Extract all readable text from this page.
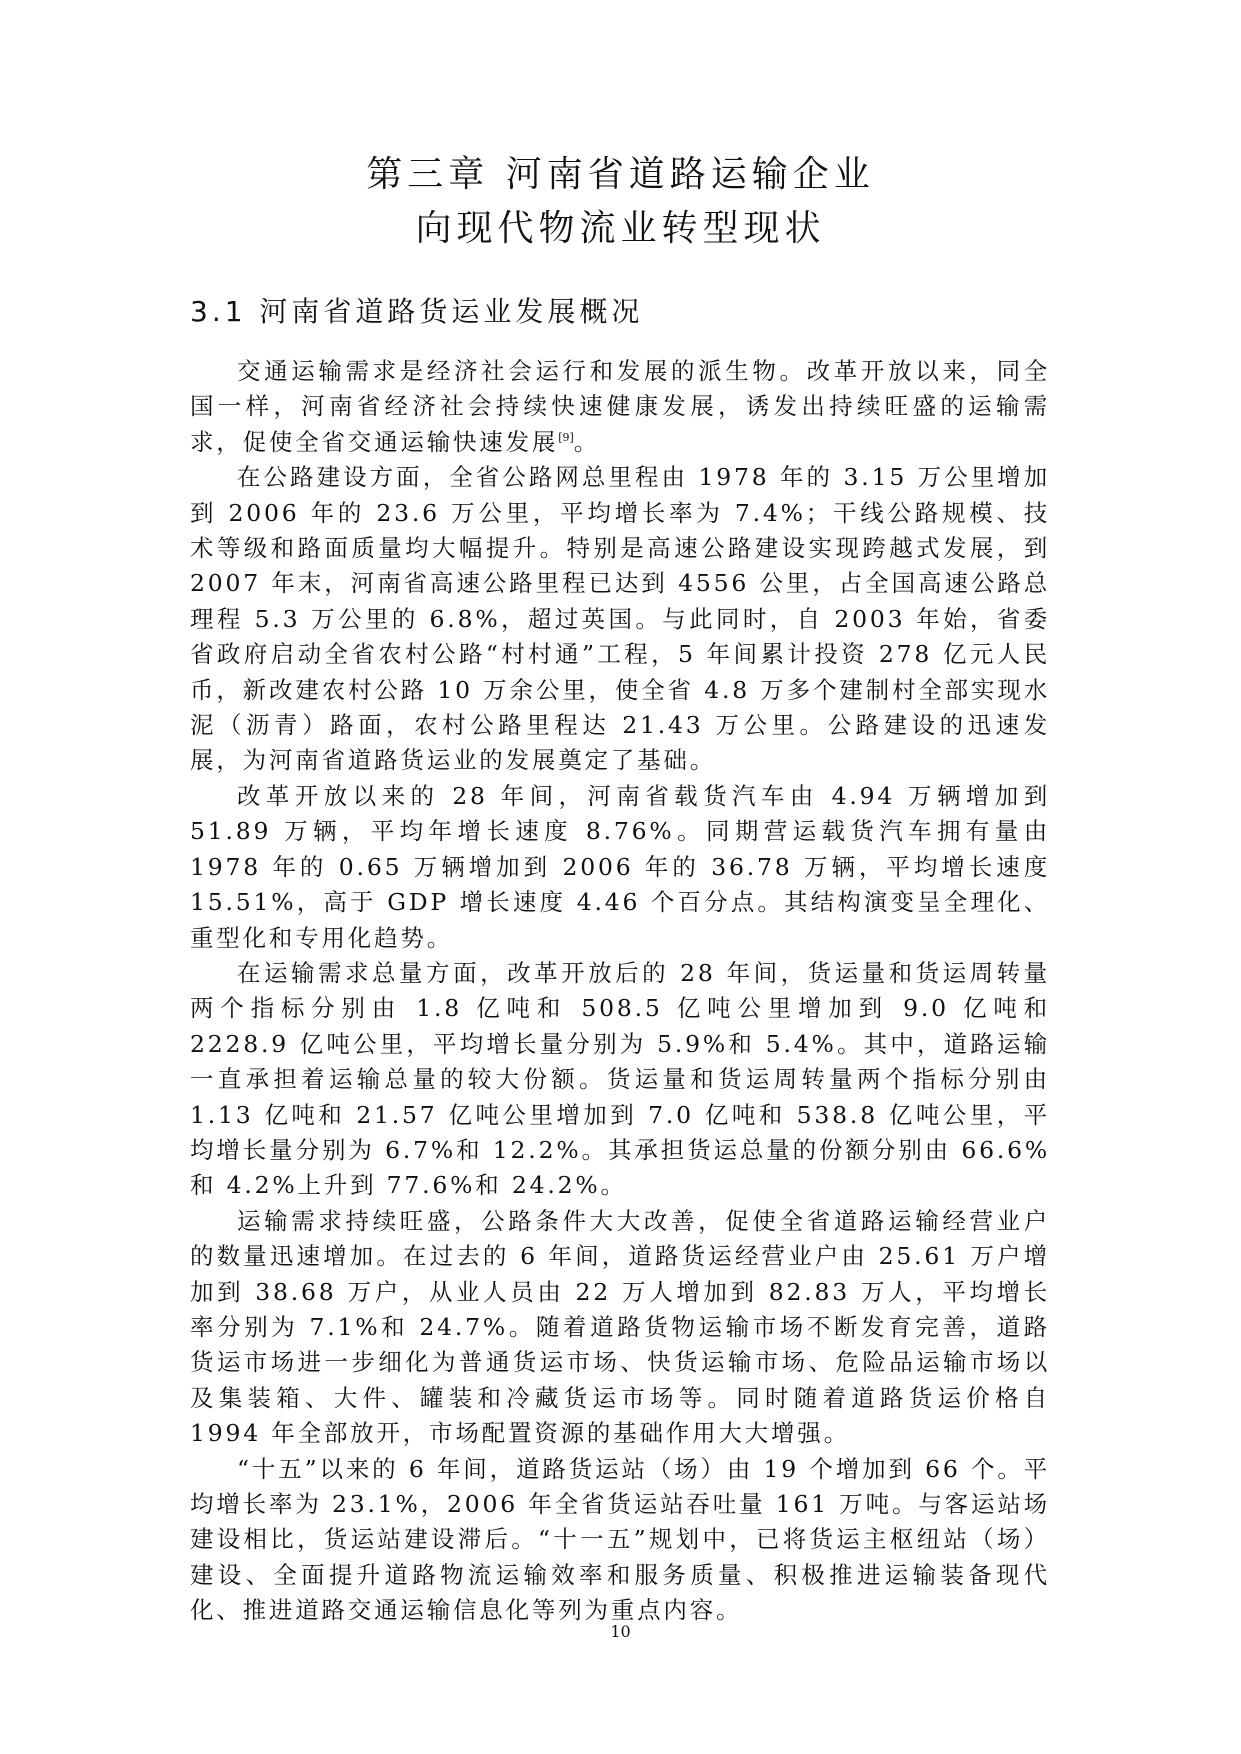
第三章 河南省道路运输企业
向现代物流业转型现状
3.1 河南省道路货运业发展概况

交通运输需求是经济社会运行和发展的派生物。改革开放以来，同全国一样，河南省经济社会持续快速健康发展，诱发出持续旺盛的运输需求，促使全省交通运输快速发展[9]。

在公路建设方面，全省公路网总里程由 1978 年的 3.15 万公里增加到 2006 年的 23.6 万公里，平均增长率为 7.4%；干线公路规模、技术等级和路面质量均大幅提升。特别是高速公路建设实现跨越式发展，到 2007 年末，河南省高速公路里程已达到 4556 公里，占全国高速公路总理程 5.3 万公里的 6.8%，超过英国。与此同时，自 2003 年始，省委省政府启动全省农村公路“村村通”工程，5 年间累计投资 278 亿元人民币，新改建农村公路 10 万余公里，使全省 4.8 万多个建制村全部实现水泥（沥青）路面，农村公路里程达 21.43 万公里。公路建设的迅速发展，为河南省道路货运业的发展奠定了基础。

改革开放以来的 28 年间，河南省载货汽车由 4.94 万辆增加到 51.89 万辆，平均年增长速度 8.76%。同期营运载货汽车拥有量由 1978 年的 0.65 万辆增加到 2006 年的 36.78 万辆，平均增长速度 15.51%，高于 GDP 增长速度 4.46 个百分点。其结构演变呈全理化、重型化和专用化趋势。

在运输需求总量方面，改革开放后的 28 年间，货运量和货运周转量两个指标分别由 1.8 亿吨和 508.5 亿吨公里增加到 9.0 亿吨和 2228.9 亿吨公里，平均增长量分别为 5.9%和 5.4%。其中，道路运输一直承担着运输总量的较大份额。货运量和货运周转量两个指标分别由 1.13 亿吨和 21.57 亿吨公里增加到 7.0 亿吨和 538.8 亿吨公里，平均增长量分别为 6.7%和 12.2%。其承担货运总量的份额分别由 66.6%和 4.2%上升到 77.6%和 24.2%。

运输需求持续旺盛，公路条件大大改善，促使全省道路运输经营业户的数量迅速增加。在过去的 6 年间，道路货运经营业户由 25.61 万户增加到 38.68 万户，从业人员由 22 万人增加到 82.83 万人，平均增长率分别为 7.1%和 24.7%。随着道路货物运输市场不断发育完善，道路货运市场进一步细化为普通货运市场、快货运输市场、危险品运输市场以及集装箱、大件、罐装和冷藏货运市场等。同时随着道路货运价格自 1994 年全部放开，市场配置资源的基础作用大大增强。

“十五”以来的 6 年间，道路货运站（场）由 19 个增加到 66 个。平均增长率为 23.1%，2006 年全省货运站吞吐量 161 万吨。与客运站场建设相比，货运站建设滞后。“十一五”规划中，已将货运主枢纽站（场）建设、全面提升道路物流运输效率和服务质量、积极推进运输装备现代化、推进道路交通运输信息化等列为重点内容。

10
